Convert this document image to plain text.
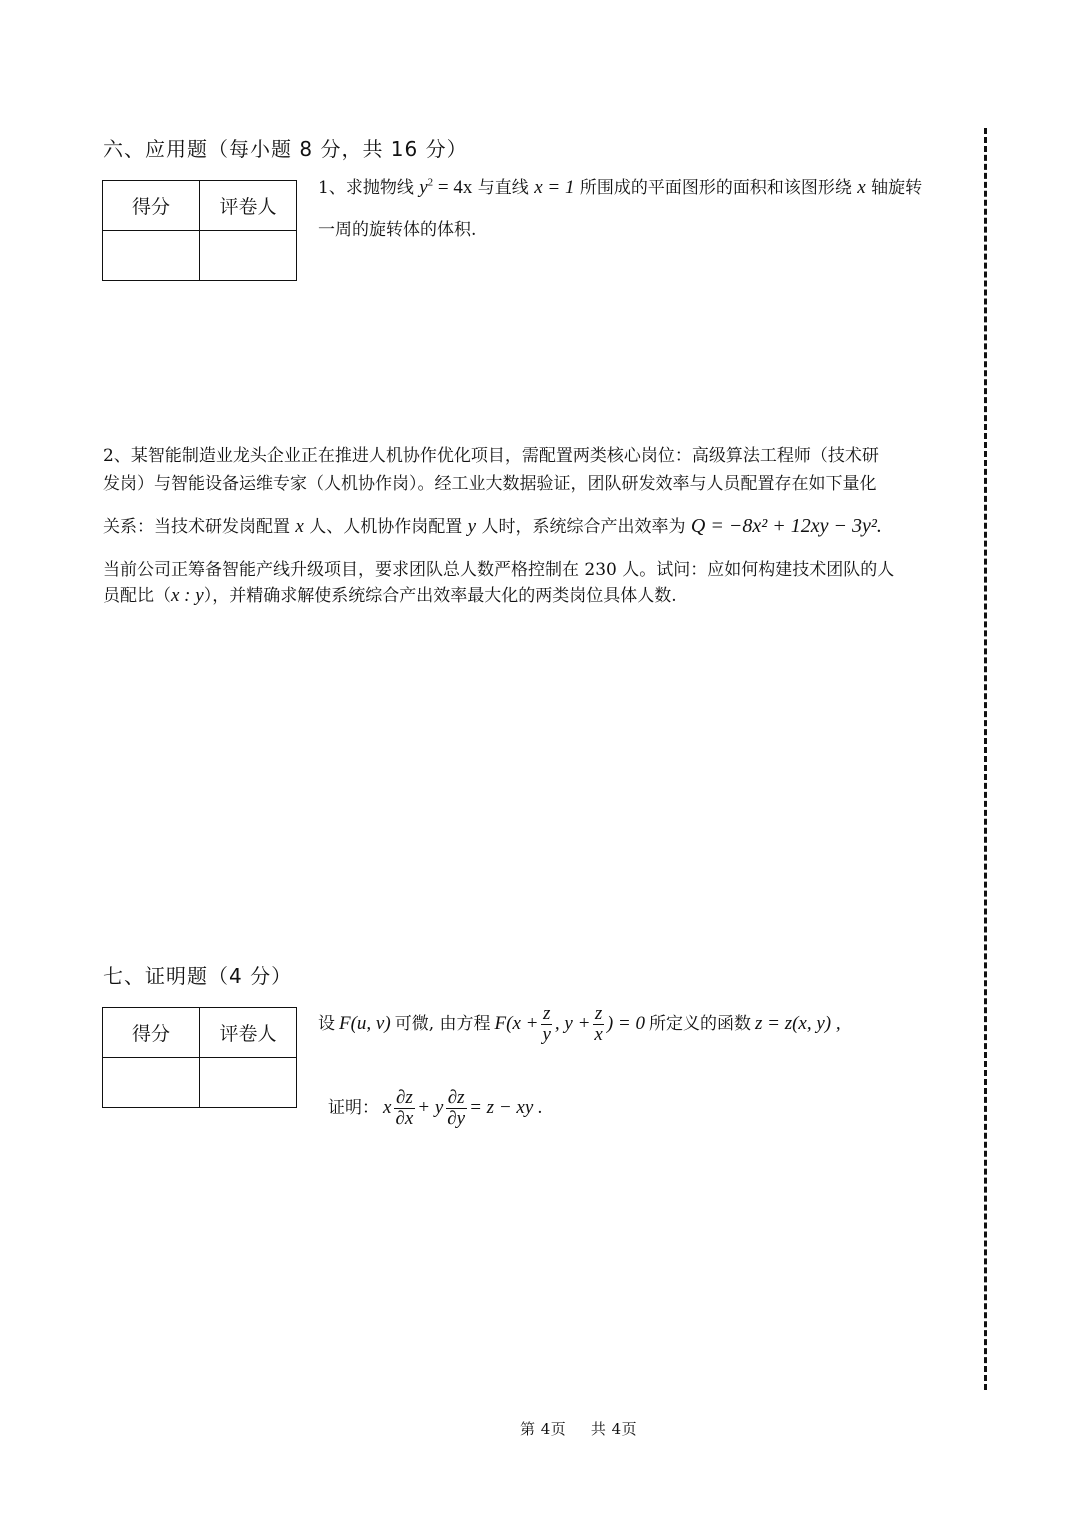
六、应用题（每小题 8 分，共 16 分）
得分	评卷人

1、求抛物线 $y^2 = 4x$ 与直线 x = 1 所围成的平面图形的面积和该图形绕 x 轴旋转
一周的旋转体的体积.
2、某智能制造业龙头企业正在推进人机协作优化项目，需配置两类核心岗位：高级算法工程师（技术研
发岗）与智能设备运维专家（人机协作岗）。经工业大数据验证，团队研发效率与人员配置存在如下量化
关系：当技术研发岗配置 x 人、人机协作岗配置 y 人时，系统综合产出效率为 Q = −8x² + 12xy − 3y².
当前公司正筹备智能产线升级项目，要求团队总人数严格控制在 230 人。试问：应如何构建技术团队的人
员配比（x : y），并精确求解使系统综合产出效率最大化的两类岗位具体人数.
七、证明题（4 分）
得分	评卷人
	设 F(u, v) 可微, 由方程 $F(x + \frac{z}{y}$ , $y + \frac{z}{x}$ ) = 0 所定义的函数 z = z(x, y) ,
证明： x $\frac{\partial z}{\partial x} + y \frac{\partial z}{\partial y} = z$ − xy .
第 4页 共 4页
